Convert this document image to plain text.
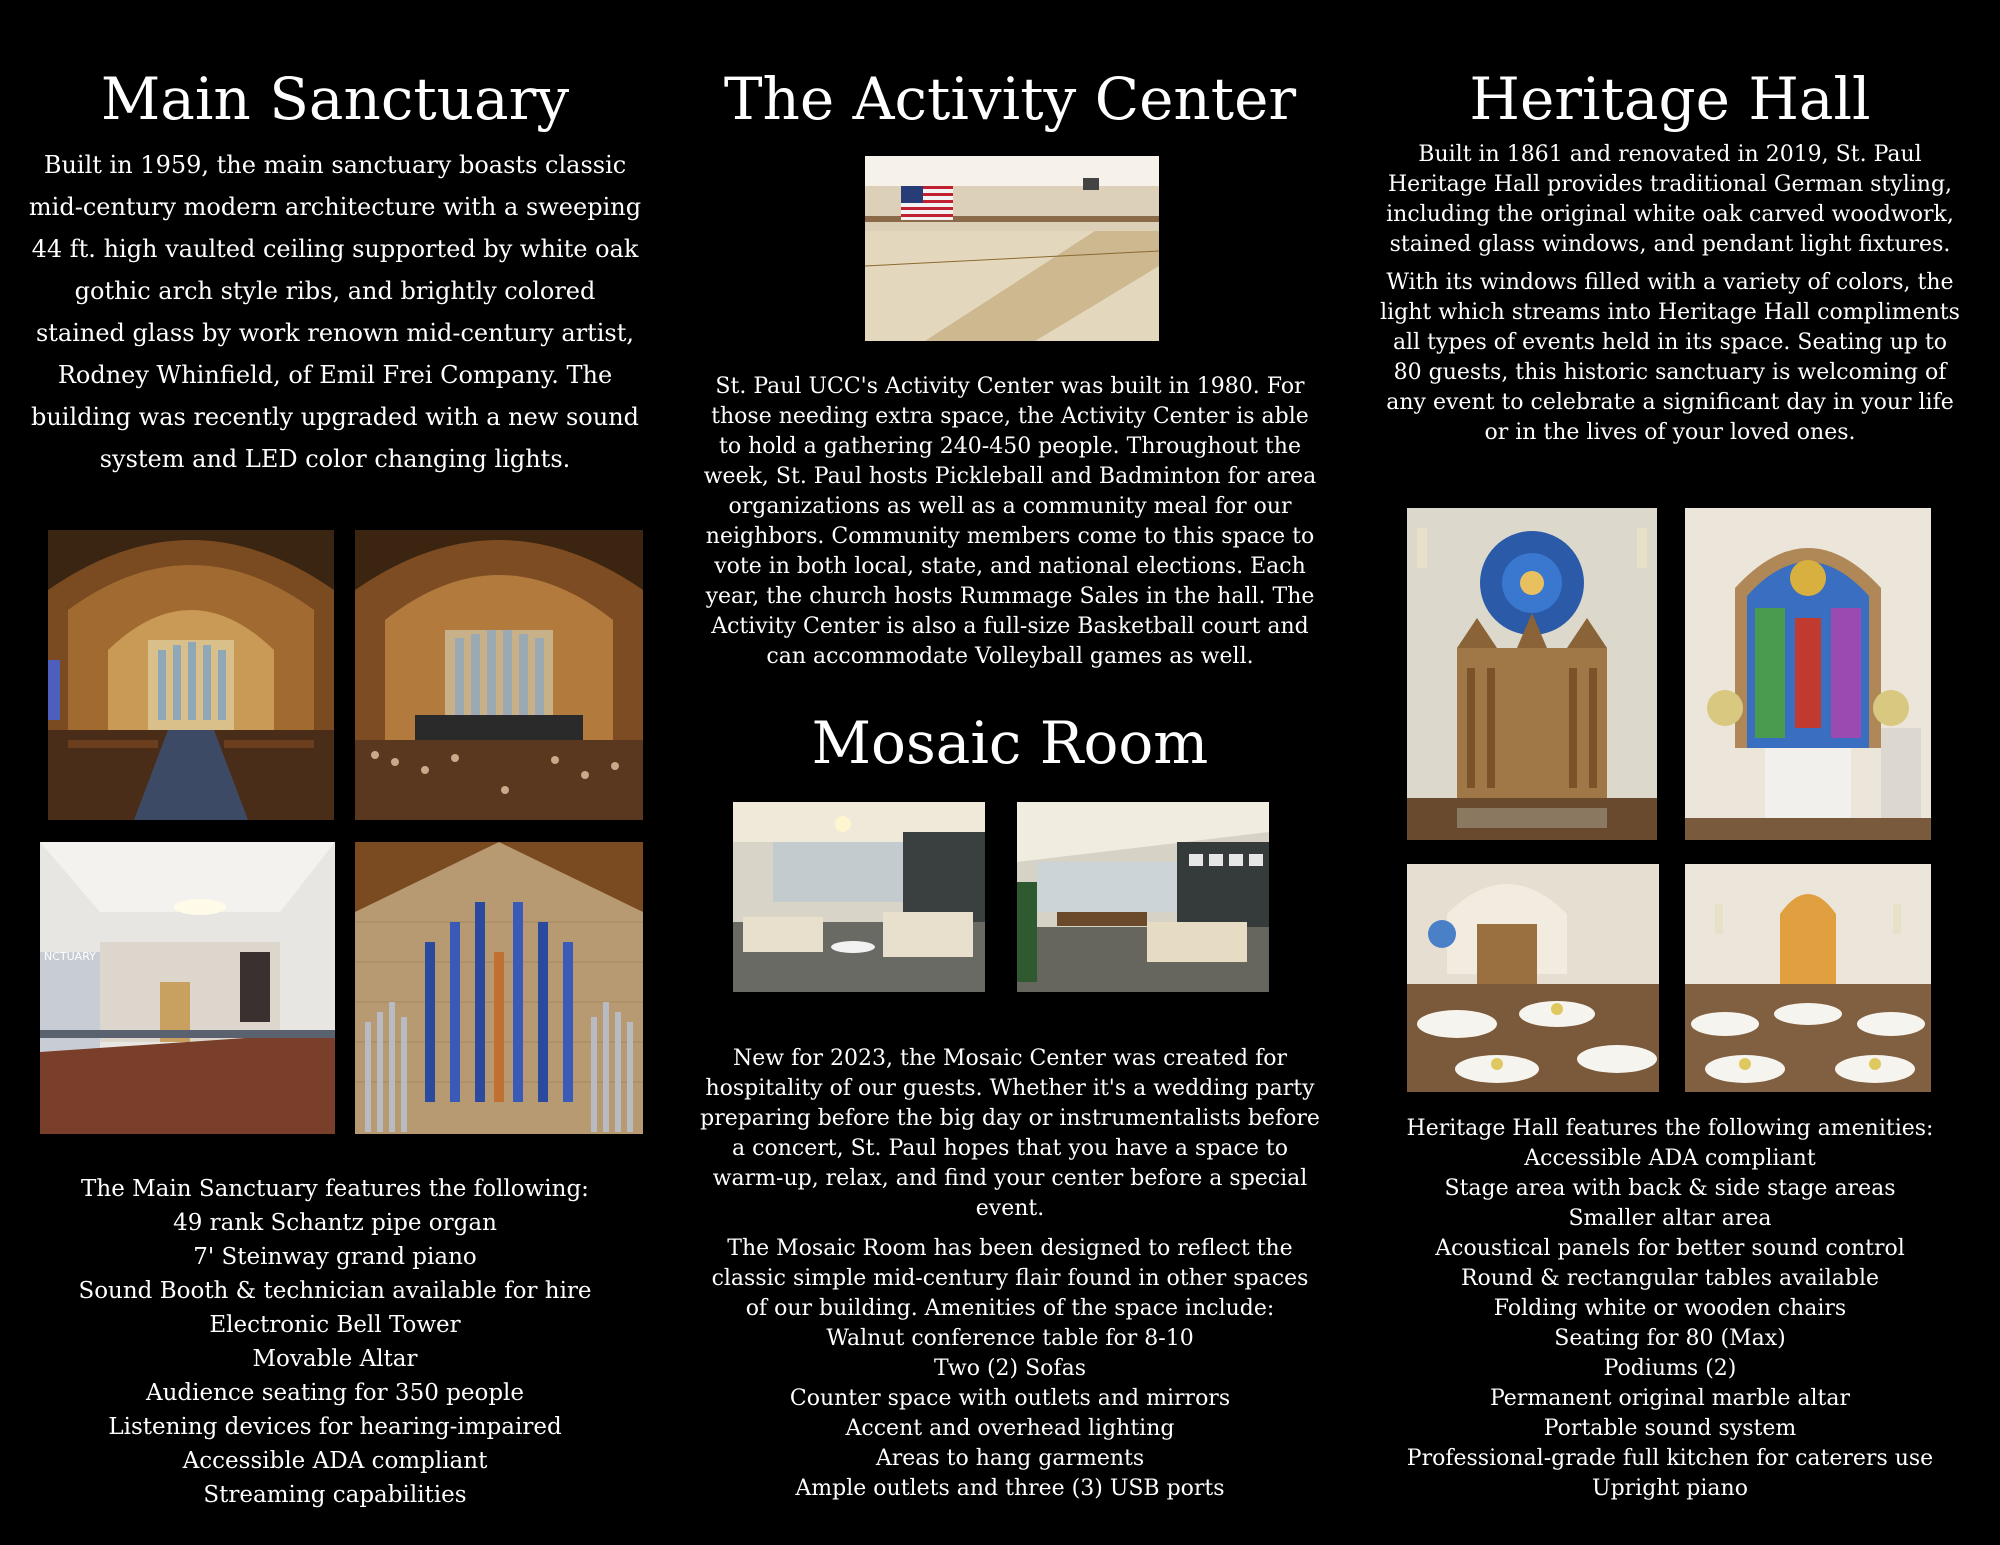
Main Sanctuary

Built in 1959, the main sanctuary boasts classic mid-century modern architecture with a sweeping 44 ft. high vaulted ceiling supported by white oak gothic arch style ribs, and brightly colored stained glass by work renown mid-century artist, Rodney Whinfield, of Emil Frei Company. The building was recently upgraded with a new sound system and LED color changing lights.

NCTUARY

The Main Sanctuary features the following:

49 rank Schantz pipe organ

7' Steinway grand piano

Sound Booth & technician available for hire

Electronic Bell Tower

Movable Altar

Audience seating for 350 people

Listening devices for hearing-impaired

Accessible ADA compliant

Streaming capabilities

The Activity Center

St. Paul UCC's Activity Center was built in 1980. For those needing extra space, the Activity Center is able to hold a gathering 240-450 people. Throughout the week, St. Paul hosts Pickleball and Badminton for area organizations as well as a community meal for our neighbors. Community members come to this space to vote in both local, state, and national elections. Each year, the church hosts Rummage Sales in the hall. The Activity Center is also a full-size Basketball court and can accommodate Volleyball games as well.

Mosaic Room

New for 2023, the Mosaic Center was created for hospitality of our guests. Whether it's a wedding party preparing before the big day or instrumentalists before a concert, St. Paul hopes that you have a space to warm-up, relax, and find your center before a special event.

The Mosaic Room has been designed to reflect the classic simple mid-century flair found in other spaces of our building. Amenities of the space include:

Walnut conference table for 8-10

Two (2) Sofas

Counter space with outlets and mirrors

Accent and overhead lighting

Areas to hang garments

Ample outlets and three (3) USB ports

Heritage Hall

Built in 1861 and renovated in 2019, St. Paul Heritage Hall provides traditional German styling, including the original white oak carved woodwork, stained glass windows, and pendant light fixtures.

With its windows filled with a variety of colors, the light which streams into Heritage Hall compliments all types of events held in its space. Seating up to 80 guests, this historic sanctuary is welcoming of any event to celebrate a significant day in your life or in the lives of your loved ones.

Heritage Hall features the following amenities:

Accessible ADA compliant

Stage area with back & side stage areas

Smaller altar area

Acoustical panels for better sound control

Round & rectangular tables available

Folding white or wooden chairs

Seating for 80 (Max)

Podiums (2)

Permanent original marble altar

Portable sound system

Professional-grade full kitchen for caterers use

Upright piano
